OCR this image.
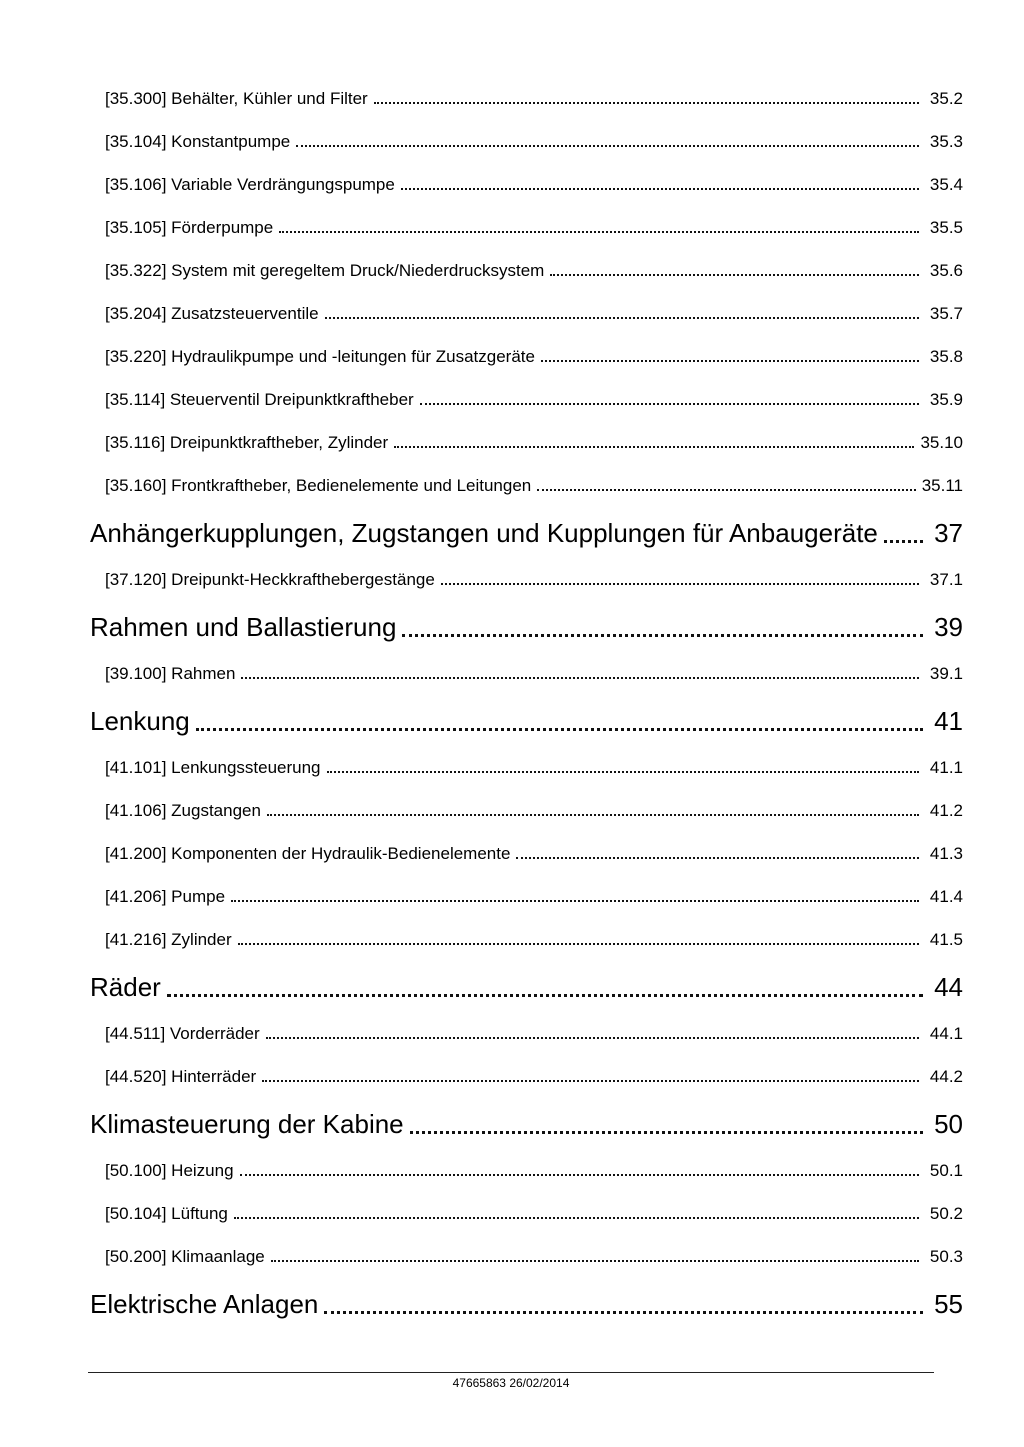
[35.300] Behälter, Kühler und Filter	35.2
[35.104] Konstantpumpe	35.3
[35.106] Variable Verdrängungspumpe	35.4
[35.105] Förderpumpe	35.5
[35.322] System mit geregeltem Druck/Niederdrucksystem	35.6
[35.204] Zusatzsteuerventile	35.7
[35.220] Hydraulikpumpe und -leitungen für Zusatzgeräte	35.8
[35.114] Steuerventil Dreipunktkraftheber	35.9
[35.116] Dreipunktkraftheber, Zylinder	35.10
[35.160] Frontkraftheber, Bedienelemente und Leitungen	35.11
Anhängerkupplungen, Zugstangen und Kupplungen für Anbaugeräte 37
[37.120] Dreipunkt-Heckkrafthebergestänge	37.1
Rahmen und Ballastierung	39
[39.100] Rahmen	39.1
Lenkung	41
[41.101] Lenkungssteuerung	41.1
[41.106] Zugstangen	41.2
[41.200] Komponenten der Hydraulik-Bedienelemente	41.3
[41.206] Pumpe	41.4
[41.216] Zylinder	41.5
Räder	44
[44.511] Vorderräder	44.1
[44.520] Hinterräder	44.2
Klimasteuerung der Kabine	50
[50.100] Heizung	50.1
[50.104] Lüftung	50.2
[50.200] Klimaanlage	50.3
Elektrische Anlagen	55
47665863 26/02/2014
